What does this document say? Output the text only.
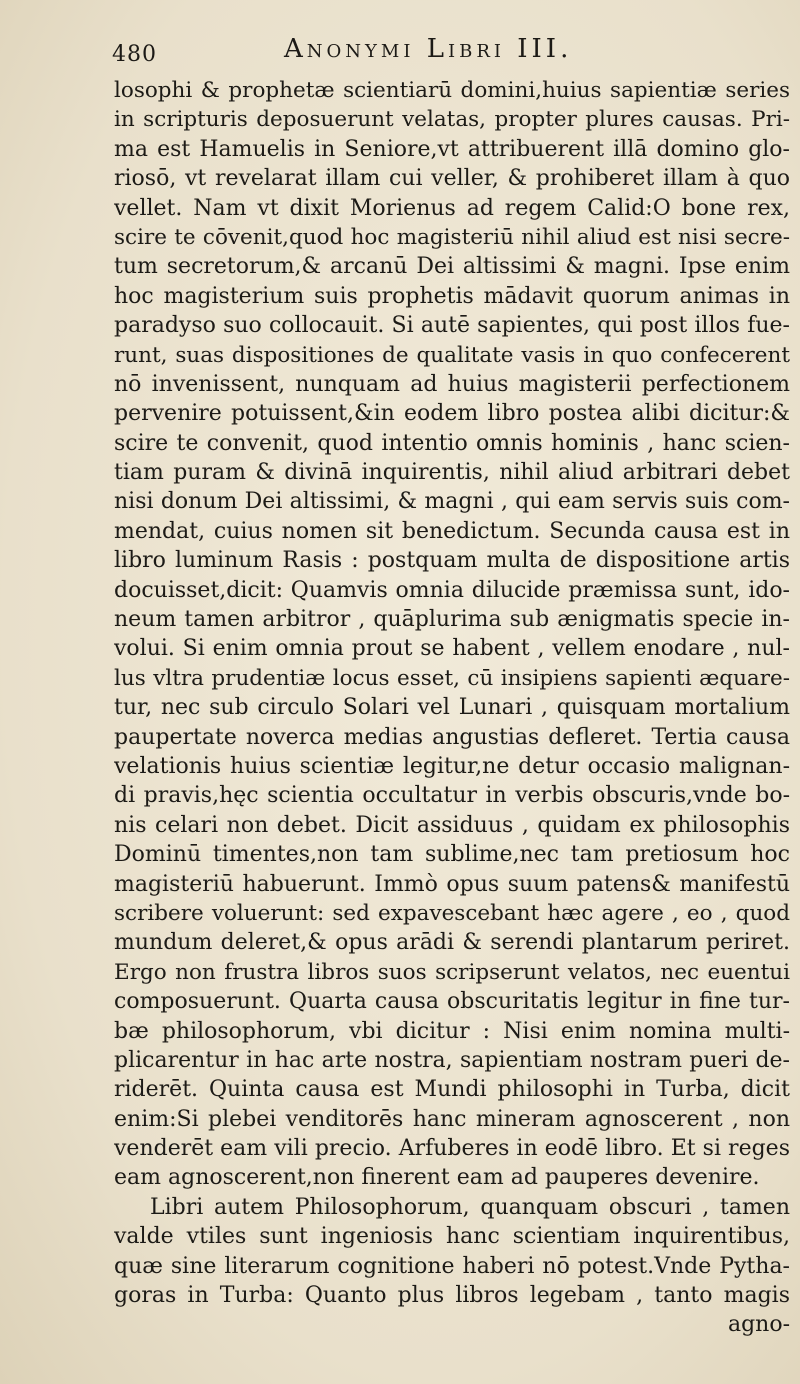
480	Anonymi Libri III.
losophi & prophetæ scientiarū domini,huius sapientiæ series
in scripturis deposuerunt velatas, propter plures causas. Pri-
ma est Hamuelis in Seniore,vt attribuerent illā domino glo-
riosō, vt revelarat illam cui veller, & prohiberet illam à quo
vellet. Nam vt dixit Morienus ad regem Calid:O bone rex,
scire te cōvenit,quod hoc magisteriū nihil aliud est nisi secre-
tum secretorum,& arcanū Dei altissimi & magni. Ipse enim
hoc magisterium suis prophetis mādavit quorum animas in
paradyso suo collocauit. Si autē sapientes, qui post illos fue-
runt, suas dispositiones de qualitate vasis in quo confecerent
nō invenissent, nunquam ad huius magisterii perfectionem
pervenire potuissent,&in eodem libro postea alibi dicitur:&
scire te convenit, quod intentio omnis hominis , hanc scien-
tiam puram & divinā inquirentis, nihil aliud arbitrari debet
nisi donum Dei altissimi, & magni , qui eam servis suis com-
mendat, cuius nomen sit benedictum. Secunda causa est in
libro luminum Rasis : postquam multa de dispositione artis
docuisset,dicit: Quamvis omnia dilucide præmissa sunt, ido-
neum tamen arbitror , quāplurima sub ænigmatis specie in-
volui. Si enim omnia prout se habent , vellem enodare , nul-
lus vltra prudentiæ locus esset, cū insipiens sapienti æquare-
tur, nec sub circulo Solari vel Lunari , quisquam mortalium
paupertate noverca medias angustias defleret. Tertia causa
velationis huius scientiæ legitur,ne detur occasio malignan-
di pravis,hęc scientia occultatur in verbis obscuris,vnde bo-
nis celari non debet. Dicit assiduus , quidam ex philosophis
Dominū timentes,non tam sublime,nec tam pretiosum hoc
magisteriū habuerunt. Immò opus suum patens& manifestū
scribere voluerunt: sed expavescebant hæc agere , eo , quod
mundum deleret,& opus arādi & serendi plantarum periret.
Ergo non frustra libros suos scripserunt velatos, nec euentui
composuerunt. Quarta causa obscuritatis legitur in fine tur-
bæ philosophorum, vbi dicitur : Nisi enim nomina multi-
plicarentur in hac arte nostra, sapientiam nostram pueri de-
riderēt. Quinta causa est Mundi philosophi in Turba, dicit
enim:Si plebei venditorēs hanc mineram agnoscerent , non
venderēt eam vili precio. Arfuberes in eodē libro. Et si reges
eam agnoscerent,non finerent eam ad pauperes devenire.
Libri autem Philosophorum, quanquam obscuri , tamen
valde vtiles sunt ingeniosis hanc scientiam inquirentibus,
quæ sine literarum cognitione haberi nō potest.Vnde Pytha-
goras in Turba: Quanto plus libros legebam , tanto magis
agno-
